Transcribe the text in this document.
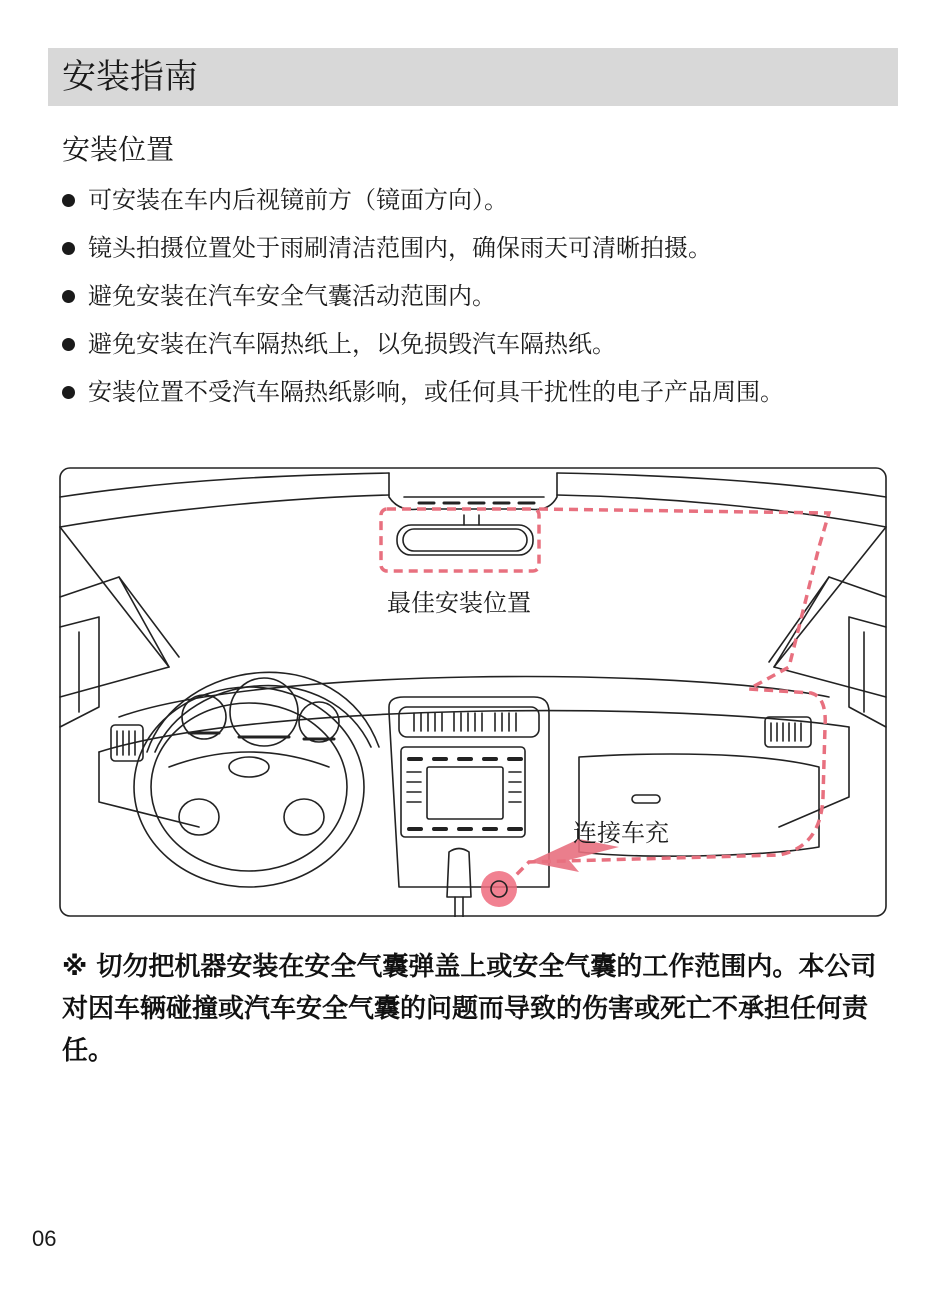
安装指南
安装位置
可安装在车内后视镜前方（镜面方向）。
镜头拍摄位置处于雨刷清洁范围内，确保雨天可清晰拍摄。
避免安装在汽车安全气囊活动范围内。
避免安装在汽车隔热纸上，以免损毁汽车隔热纸。
安装位置不受汽车隔热纸影响，或任何具干扰性的电子产品周围。
最佳安装位置
连接车充
※ 切勿把机器安装在安全气囊弹盖上或安全气囊的工作范围内。本公司对因车辆碰撞或汽车安全气囊的问题而导致的伤害或死亡不承担任何责任。
06
